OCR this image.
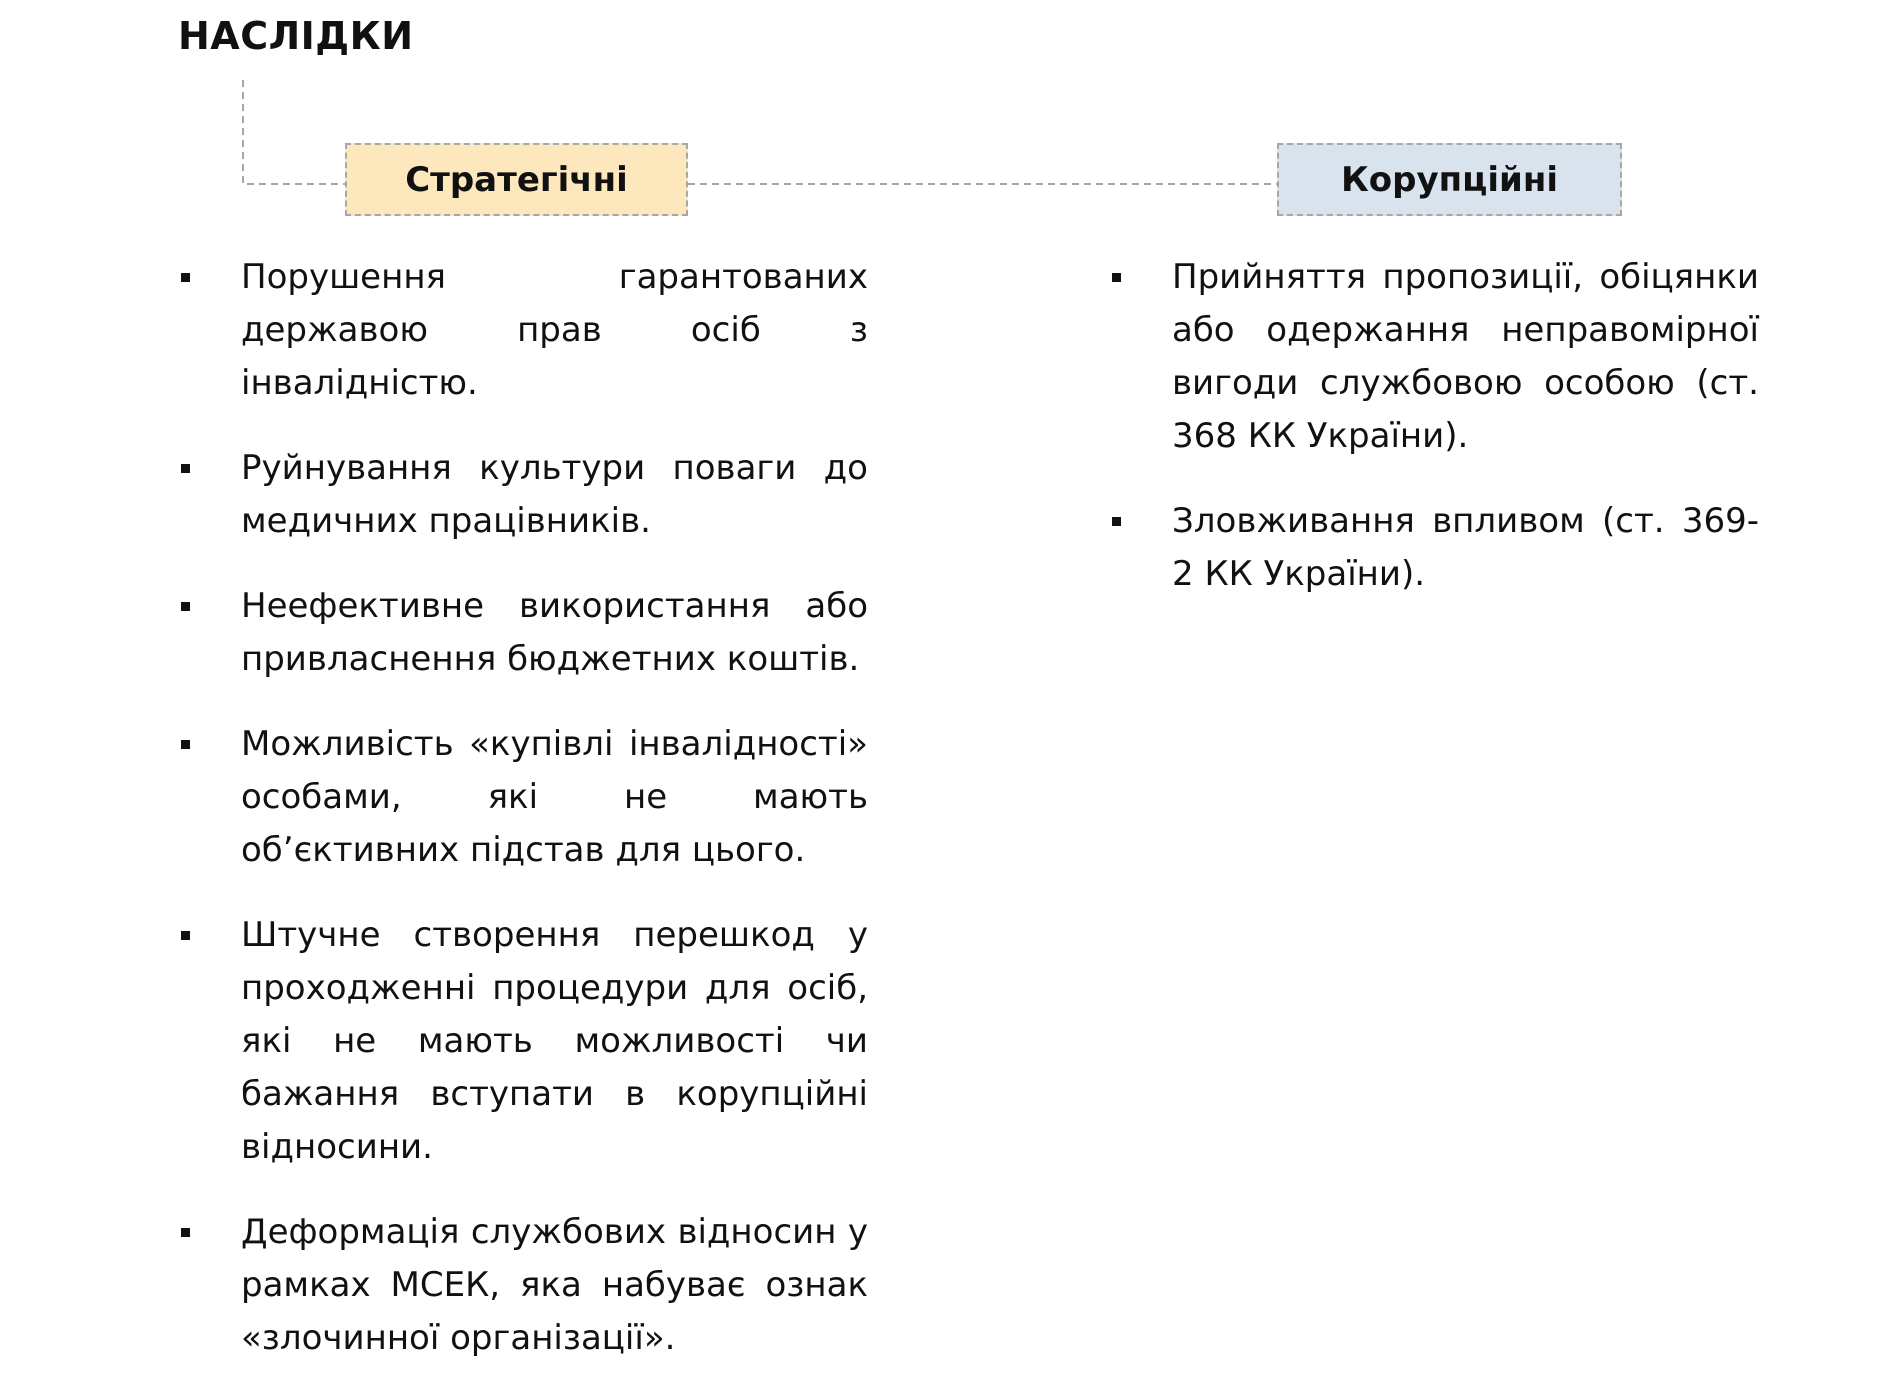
НАСЛІДКИ
Стратегічні	Корупційні
Порушення гарантованих державою прав осіб з інвалідністю.
Руйнування культури поваги до медичних працівників.
Неефективне використання або привласнення бюджетних коштів.
Можливість «купівлі інвалідності» особами, які не мають об’єктивних підстав для цього.
Штучне створення перешкод у проходженні процедури для осіб, які не мають можливості чи бажання вступати в корупційні відносини.
Деформація службових відносин у рамках МСЕК, яка набуває ознак «злочинної організації».
Прийняття пропозиції, обіцянки або одержання неправомірної вигоди службовою особою (ст. 368 КК України).
Зловживання впливом (ст. 369-2 КК України).
